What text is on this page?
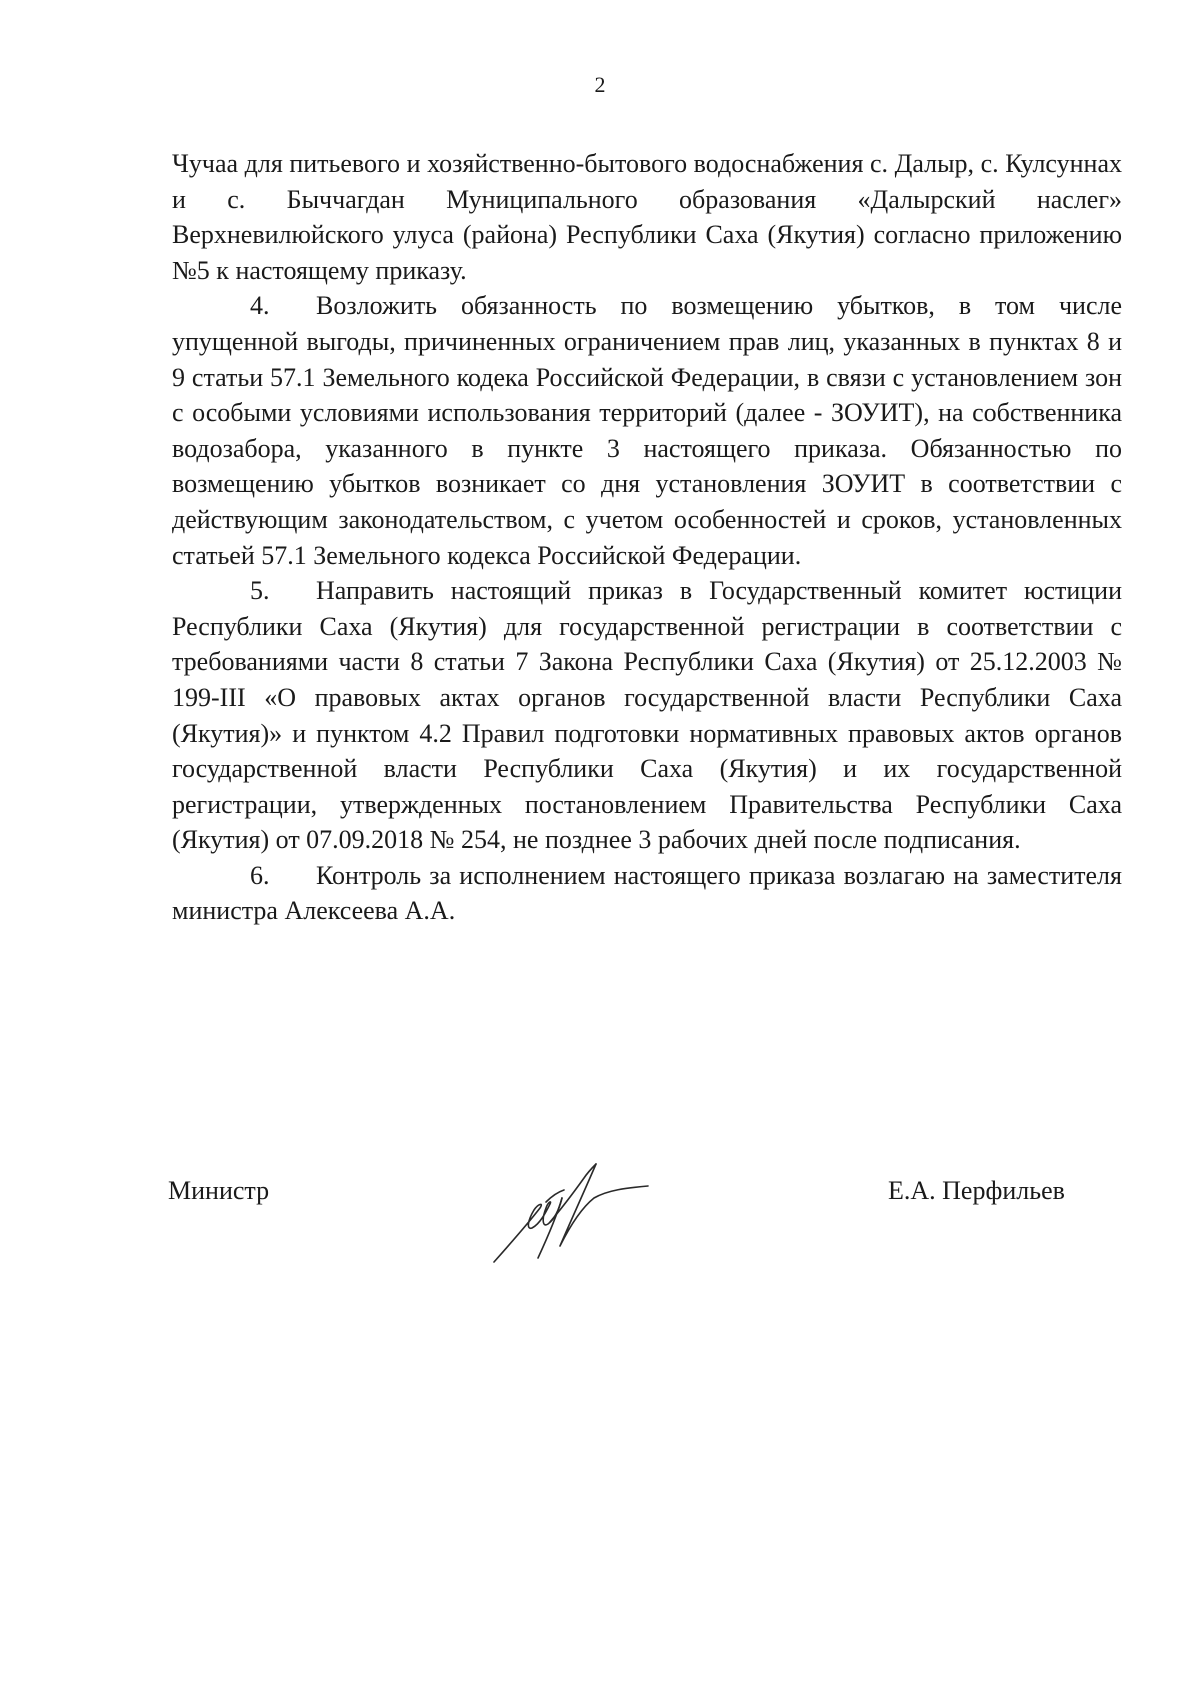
2

Чучаа для питьевого и хозяйственно-бытового водоснабжения с. Далыр, с. Кулсуннах и с. Быччагдан Муниципального образования «Далырский наслег» Верхневилюйского улуса (района) Республики Саха (Якутия) согласно приложению №5 к настоящему приказу.

4. Возложить обязанность по возмещению убытков, в том числе упущенной выгоды, причиненных ограничением прав лиц, указанных в пунктах 8 и 9 статьи 57.1 Земельного кодека Российской Федерации, в связи с установлением зон с особыми условиями использования территорий (далее - ЗОУИТ), на собственника водозабора, указанного в пункте 3 настоящего приказа. Обязанностью по возмещению убытков возникает со дня установления ЗОУИТ в соответствии с действующим законодательством, с учетом особенностей и сроков, установленных статьей 57.1 Земельного кодекса Российской Федерации.

5. Направить настоящий приказ в Государственный комитет юстиции Республики Саха (Якутия) для государственной регистрации в соответствии с требованиями части 8 статьи 7 Закона Республики Саха (Якутия) от 25.12.2003 № 199-III «О правовых актах органов государственной власти Республики Саха (Якутия)» и пунктом 4.2 Правил подготовки нормативных правовых актов органов государственной власти Республики Саха (Якутия) и их государственной регистрации, утвержденных постановлением Правительства Республики Саха (Якутия) от 07.09.2018 № 254, не позднее 3 рабочих дней после подписания.

6. Контроль за исполнением настоящего приказа возлагаю на заместителя министра Алексеева А.А.

Министр	Е.А. Перфильев
